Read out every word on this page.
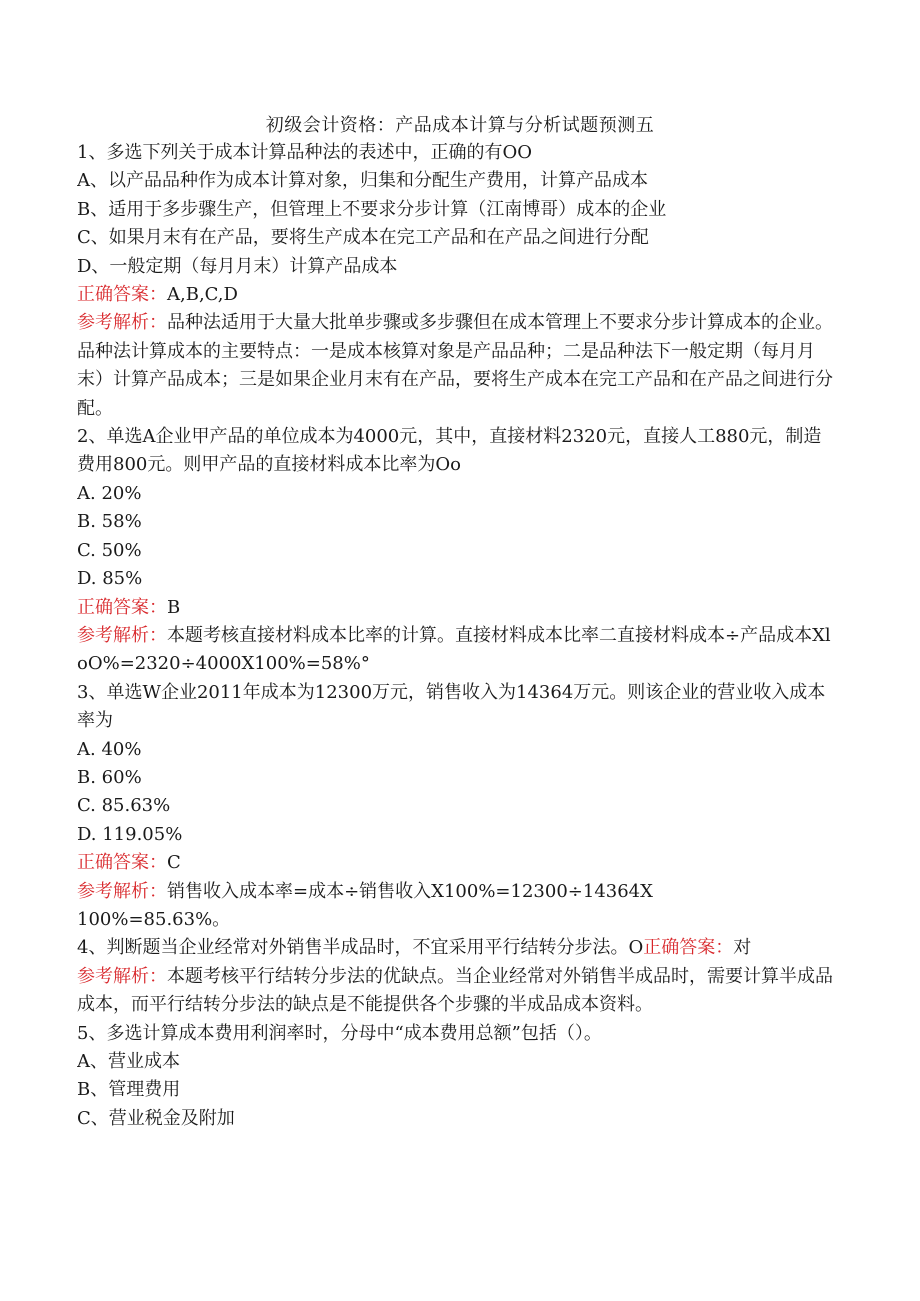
初级会计资格：产品成本计算与分析试题预测五
1、多选下列关于成本计算品种法的表述中，正确的有OO
A、以产品品种作为成本计算对象，归集和分配生产费用，计算产品成本
B、适用于多步骤生产，但管理上不要求分步计算（江南博哥）成本的企业
C、如果月末有在产品，要将生产成本在完工产品和在产品之间进行分配
D、一般定期（每月月末）计算产品成本
正确答案：A,B,C,D
参考解析：品种法适用于大量大批单步骤或多步骤但在成本管理上不要求分步计算成本的企业。品种法计算成本的主要特点：一是成本核算对象是产品品种；二是品种法下一般定期（每月月末）计算产品成本；三是如果企业月末有在产品，要将生产成本在完工产品和在产品之间进行分配。
2、单选A企业甲产品的单位成本为4000元，其中，直接材料2320元，直接人工880元，制造费用800元。则甲产品的直接材料成本比率为Oo
A. 20%
B. 58%
C. 50%
D. 85%
正确答案：B
参考解析：本题考核直接材料成本比率的计算。直接材料成本比率二直接材料成本÷产品成本XloO%=2320÷4000X100%=58%°
3、单选W企业2011年成本为12300万元，销售收入为14364万元。则该企业的营业收入成本率为
A. 40%
B. 60%
C. 85.63%
D. 119.05%
正确答案：C
参考解析：销售收入成本率=成本÷销售收入X100%=12300÷14364X
100%=85.63%。
4、判断题当企业经常对外销售半成品时，不宜采用平行结转分步法。O正确答案：对
参考解析：本题考核平行结转分步法的优缺点。当企业经常对外销售半成品时，需要计算半成品成本，而平行结转分步法的缺点是不能提供各个步骤的半成品成本资料。
5、多选计算成本费用利润率时，分母中“成本费用总额”包括（）。
A、营业成本
B、管理费用
C、营业税金及附加
